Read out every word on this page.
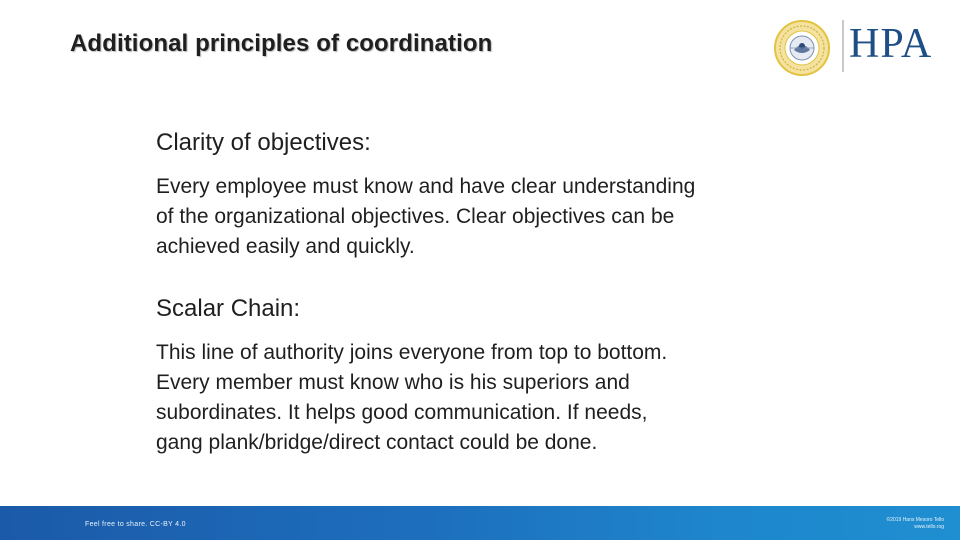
Additional principles of coordination	HPA

Clarity of objectives:

Every employee must know and have clear understanding
of the organizational objectives. Clear objectives can be
achieved easily and quickly.

Scalar Chain:

This line of authority joins everyone from top to bottom.
Every member must know who is his superiors and
subordinates. It helps good communication. If needs,
gang plank/bridge/direct contact could be done.

Feel free to share. CC-BY 4.0
©2019 Hans Mesoro Tello
www.tello.rog
